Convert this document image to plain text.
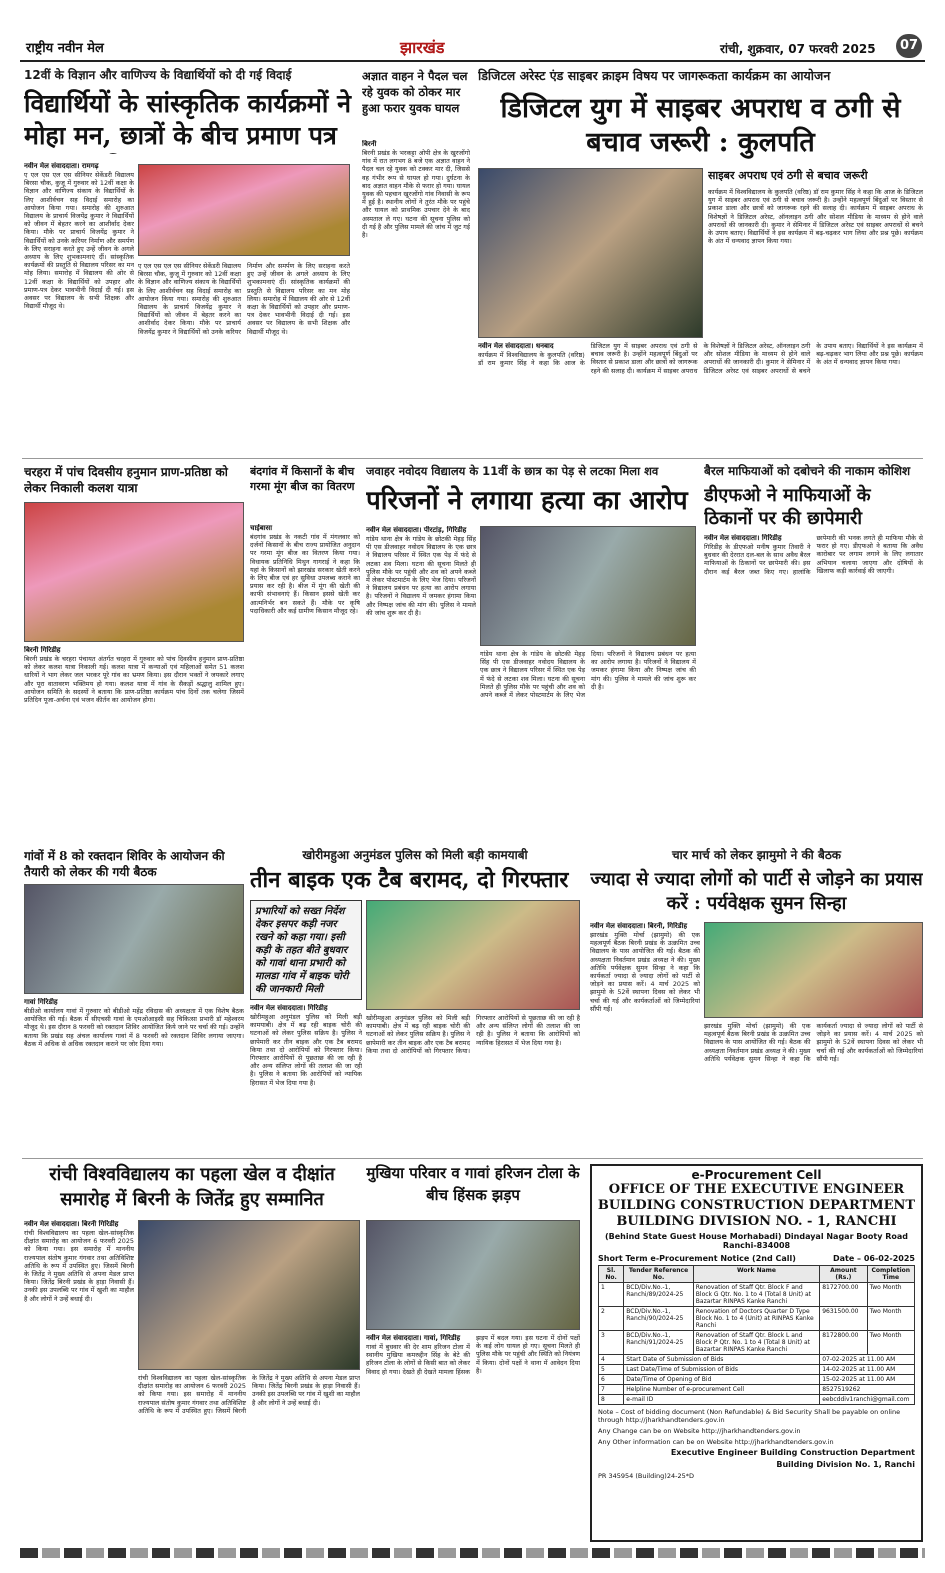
राष्ट्रीय नवीन मेल	झारखंड	रांची, शुक्रवार, 07 फरवरी 2025	07
12वीं के विज्ञान और वाणिज्य के विद्यार्थियों को दी गई विदाई
विद्यार्थियों के सांस्कृतिक कार्यक्रमों ने मोहा मन, छात्रों के बीच प्रमाण पत्र
नवीन मेल संवाददाता। रामगढ़
ए एल एस एल एस सीनियर सेकेंडरी विद्यालय बिरसा चौक, कुजू में गुरुवार को 12वीं कक्षा के विज्ञान और वाणिज्य संकाय के विद्यार्थियों के लिए आशीर्वचन सह विदाई समारोह का आयोजन किया गया। समारोह की शुरुआत विद्यालय के प्राचार्य विजयेंद्र कुमार ने विद्यार्थियों को जीवन में बेहतर करने का आशीर्वाद देकर किया। मौके पर प्राचार्य विजयेंद्र कुमार ने विद्यार्थियों को उनके करियर निर्माण और समर्पण के लिए सराहना करते हुए उन्हें जीवन के अगले अध्याय के लिए शुभकामनाएं दीं। सांस्कृतिक कार्यक्रमों की प्रस्तुति से विद्यालय परिसर का मन मोह लिया। समारोह में विद्यालय की ओर से 12वीं कक्षा के विद्यार्थियों को उपहार और प्रमाण-पत्र देकर भावभीनी विदाई दी गई। इस अवसर पर विद्यालय के सभी शिक्षक और विद्यार्थी मौजूद थे।
ए एल एस एल एस सीनियर सेकेंडरी विद्यालय बिरसा चौक, कुजू में गुरुवार को 12वीं कक्षा के विज्ञान और वाणिज्य संकाय के विद्यार्थियों के लिए आशीर्वचन सह विदाई समारोह का आयोजन किया गया। समारोह की शुरुआत विद्यालय के प्राचार्य विजयेंद्र कुमार ने विद्यार्थियों को जीवन में बेहतर करने का आशीर्वाद देकर किया। मौके पर प्राचार्य विजयेंद्र कुमार ने विद्यार्थियों को उनके करियर निर्माण और समर्पण के लिए सराहना करते हुए उन्हें जीवन के अगले अध्याय के लिए शुभकामनाएं दीं। सांस्कृतिक कार्यक्रमों की प्रस्तुति से विद्यालय परिसर का मन मोह लिया। समारोह में विद्यालय की ओर से 12वीं कक्षा के विद्यार्थियों को उपहार और प्रमाण-पत्र देकर भावभीनी विदाई दी गई। इस अवसर पर विद्यालय के सभी शिक्षक और विद्यार्थी मौजूद थे।
अज्ञात वाहन ने पैदल चल रहे युवक को ठोकर मार हुआ फरार युवक घायल
बिरनी
बिरनी प्रखंड के भरकट्टा ओपी क्षेत्र के खुरजोंगो गांव में रात लगभग 8 बजे एक अज्ञात वाहन ने पैदल चल रहे युवक को टक्कर मार दी, जिससे वह गंभीर रूप से घायल हो गया। दुर्घटना के बाद अज्ञात वाहन मौके से फरार हो गया। घायल युवक की पहचान खुरजोंगो गांव निवासी के रूप में हुई है। स्थानीय लोगों ने तुरंत मौके पर पहुंचे और घायल को प्राथमिक उपचार देने के बाद अस्पताल ले गए। घटना की सूचना पुलिस को दी गई है और पुलिस मामले की जांच में जुट गई है।
डिजिटल अरेस्ट एंड साइबर क्राइम विषय पर जागरूकता कार्यक्रम का आयोजन
डिजिटल युग में साइबर अपराध व ठगी से बचाव जरूरी : कुलपति
साइबर अपराध एवं ठगी से बचाव जरूरी
कार्यक्रम में विश्वविद्यालय के कुलपति (वरिष्ठ) डॉ राम कुमार सिंह ने कहा कि आज के डिजिटल युग में साइबर अपराध एवं ठगी से बचाव जरूरी है। उन्होंने महत्वपूर्ण बिंदुओं पर विस्तार से प्रकाश डाला और छात्रों को जागरूक रहने की सलाह दी। कार्यक्रम में साइबर अपराध के विशेषज्ञों ने डिजिटल अरेस्ट, ऑनलाइन ठगी और सोशल मीडिया के माध्यम से होने वाले अपराधों की जानकारी दी। कुमार ने सेमिनार में डिजिटल अरेस्ट एवं साइबर अपराधों से बचने के उपाय बताए। विद्यार्थियों ने इस कार्यक्रम में बढ़-चढ़कर भाग लिया और प्रश्न पूछे। कार्यक्रम के अंत में धन्यवाद ज्ञापन किया गया।
नवीन मेल संवाददाता। धनबाद
कार्यक्रम में विश्वविद्यालय के कुलपति (वरिष्ठ) डॉ राम कुमार सिंह ने कहा कि आज के डिजिटल युग में साइबर अपराध एवं ठगी से बचाव जरूरी है। उन्होंने महत्वपूर्ण बिंदुओं पर विस्तार से प्रकाश डाला और छात्रों को जागरूक रहने की सलाह दी। कार्यक्रम में साइबर अपराध के विशेषज्ञों ने डिजिटल अरेस्ट, ऑनलाइन ठगी और सोशल मीडिया के माध्यम से होने वाले अपराधों की जानकारी दी। कुमार ने सेमिनार में डिजिटल अरेस्ट एवं साइबर अपराधों से बचने के उपाय बताए। विद्यार्थियों ने इस कार्यक्रम में बढ़-चढ़कर भाग लिया और प्रश्न पूछे। कार्यक्रम के अंत में धन्यवाद ज्ञापन किया गया।
चरहरा में पांच दिवसीय हनुमान प्राण-प्रतिष्ठा को लेकर निकाली कलश यात्रा
बिरनी गिरिडीह
बिरनी प्रखंड के चरहरा पंचायत अंतर्गत चरहरा में गुरुवार को पांच दिवसीय हनुमान प्राण-प्रतिष्ठा को लेकर कलश यात्रा निकाली गई। कलश यात्रा में कन्याओं एवं महिलाओं समेत 51 कलश धारियों ने भाग लेकर जल भरकर पूरे गांव का भ्रमण किया। इस दौरान भक्तों ने जयकारे लगाए और पूरा वातावरण भक्तिमय हो गया। कलश यात्रा में गांव के सैकड़ों श्रद्धालु शामिल हुए। आयोजन समिति के सदस्यों ने बताया कि प्राण-प्रतिष्ठा कार्यक्रम पांच दिनों तक चलेगा जिसमें प्रतिदिन पूजा-अर्चना एवं भजन कीर्तन का आयोजन होगा।
बंदगांव में किसानों के बीच गरमा मूंग बीज का वितरण
चाईबासा
बंदगांव प्रखंड के नकटी गांव में मंगलवार को दर्जनों किसानों के बीच राज्य प्रायोजित अनुदान पर गरमा मूंग बीज का वितरण किया गया। विधायक प्रतिनिधि मिथुन गागराई ने कहा कि यहां के किसानों को झारखंड सरकार खेती करने के लिए बीज एवं हर सुविधा उपलब्ध कराने का प्रयास कर रही है। बीज में मूंग की खेती की काफी संभावनाएं हैं। किसान इससे खेती कर आत्मनिर्भर बन सकते हैं। मौके पर कृषि पदाधिकारी और कई ग्रामीण किसान मौजूद रहे।
जवाहर नवोदय विद्यालय के 11वीं के छात्र का पेड़ से लटका मिला शव
परिजनों ने लगाया हत्या का आरोप
नवीन मेल संवाददाता। पीरटांड़, गिरिडीह
गांडेय थाना क्षेत्र के गांडेय के छोटकी मेहड़ सिंह पी एस डीजवाहर नवोदय विद्यालय के एक छात्र ने विद्यालय परिसर में स्थित एक पेड़ में फंदे से लटका शव मिला। घटना की सूचना मिलते ही पुलिस मौके पर पहुंची और शव को अपने कब्जे में लेकर पोस्टमार्टम के लिए भेज दिया। परिजनों ने विद्यालय प्रबंधन पर हत्या का आरोप लगाया है। परिजनों ने विद्यालय में जमकर हंगामा किया और निष्पक्ष जांच की मांग की। पुलिस ने मामले की जांच शुरू कर दी है।
गांडेय थाना क्षेत्र के गांडेय के छोटकी मेहड़ सिंह पी एस डीजवाहर नवोदय विद्यालय के एक छात्र ने विद्यालय परिसर में स्थित एक पेड़ में फंदे से लटका शव मिला। घटना की सूचना मिलते ही पुलिस मौके पर पहुंची और शव को अपने कब्जे में लेकर पोस्टमार्टम के लिए भेज दिया। परिजनों ने विद्यालय प्रबंधन पर हत्या का आरोप लगाया है। परिजनों ने विद्यालय में जमकर हंगामा किया और निष्पक्ष जांच की मांग की। पुलिस ने मामले की जांच शुरू कर दी है।
बैरल माफियाओं को दबोचने की नाकाम कोशिश
डीएफओ ने माफियाओं के ठिकानों पर की छापेमारी
नवीन मेल संवाददाता। गिरिडीह
गिरिडीह के डीएफओ मनीष कुमार तिवारी ने बुधवार की देररात दल-बल के साथ अवैध बैरल माफियाओं के ठिकानों पर छापेमारी की। इस दौरान कई बैरल जब्त किए गए। हालांकि छापेमारी की भनक लगते ही माफिया मौके से फरार हो गए। डीएफओ ने बताया कि अवैध कारोबार पर लगाम लगाने के लिए लगातार अभियान चलाया जाएगा और दोषियों के खिलाफ कड़ी कार्रवाई की जाएगी।
गांवों में 8 को रक्तदान शिविर के आयोजन की तैयारी को लेकर की गयी बैठक
गावां गिरिडीह
बीडीओ कार्यालय गावां में गुरुवार को बीडीओ महेंद्र रविदास की अध्यक्षता में एक विशेष बैठक आयोजित की गई। बैठक में सीएचसी गावां के एमओआइसी सह चिकित्सा प्रभारी डॉ महेश्वरम मौजूद थे। इस दौरान 8 फरवरी को रक्तदान शिविर आयोजित किये जाने पर चर्चा की गई। उन्होंने बताया कि प्रखंड सह अंचल कार्यालय गावां में 8 फरवरी को रक्तदान शिविर लगाया जाएगा। बैठक में अधिक से अधिक रक्तदान कराने पर जोर दिया गया।
खोरीमहुआ अनुमंडल पुलिस को मिली बड़ी कामयाबी
तीन बाइक एक टैब बरामद, दो गिरफ्तार
प्रभारियों को सख्त निर्देश देकर इसपर कड़ी नजर रखने को कहा गया। इसी कड़ी के तहत बीते बुधवार को गावां थाना प्रभारी को मालडा गांव में बाइक चोरी की जानकारी मिली
नवीन मेल संवाददाता। गिरिडीह
खोरीमहुआ अनुमंडल पुलिस को मिली बड़ी कामयाबी। क्षेत्र में बढ़ रही बाइक चोरी की घटनाओं को लेकर पुलिस सक्रिय है। पुलिस ने छापेमारी कर तीन बाइक और एक टैब बरामद किया तथा दो आरोपियों को गिरफ्तार किया। गिरफ्तार आरोपियों से पूछताछ की जा रही है और अन्य संलिप्त लोगों की तलाश की जा रही है। पुलिस ने बताया कि आरोपियों को न्यायिक हिरासत में भेज दिया गया है।
खोरीमहुआ अनुमंडल पुलिस को मिली बड़ी कामयाबी। क्षेत्र में बढ़ रही बाइक चोरी की घटनाओं को लेकर पुलिस सक्रिय है। पुलिस ने छापेमारी कर तीन बाइक और एक टैब बरामद किया तथा दो आरोपियों को गिरफ्तार किया। गिरफ्तार आरोपियों से पूछताछ की जा रही है और अन्य संलिप्त लोगों की तलाश की जा रही है। पुलिस ने बताया कि आरोपियों को न्यायिक हिरासत में भेज दिया गया है।
चार मार्च को लेकर झामुमो ने की बैठक
ज्यादा से ज्यादा लोगों को पार्टी से जोड़ने का प्रयास करें : पर्यवेक्षक सुमन सिन्हा
नवीन मेल संवाददाता। बिरनी, गिरिडीह
झारखंड मुक्ति मोर्चा (झामुमो) की एक महत्वपूर्ण बैठक बिरनी प्रखंड के उत्क्रमित उच्च विद्यालय के पास आयोजित की गई। बैठक की अध्यक्षता निवर्तमान प्रखंड अध्यक्ष ने की। मुख्य अतिथि पर्यवेक्षक सुमन सिन्हा ने कहा कि कार्यकर्ता ज्यादा से ज्यादा लोगों को पार्टी से जोड़ने का प्रयास करें। 4 मार्च 2025 को झामुमो के 52वें स्थापना दिवस को लेकर भी चर्चा की गई और कार्यकर्ताओं को जिम्मेदारियां सौंपी गईं।
झारखंड मुक्ति मोर्चा (झामुमो) की एक महत्वपूर्ण बैठक बिरनी प्रखंड के उत्क्रमित उच्च विद्यालय के पास आयोजित की गई। बैठक की अध्यक्षता निवर्तमान प्रखंड अध्यक्ष ने की। मुख्य अतिथि पर्यवेक्षक सुमन सिन्हा ने कहा कि कार्यकर्ता ज्यादा से ज्यादा लोगों को पार्टी से जोड़ने का प्रयास करें। 4 मार्च 2025 को झामुमो के 52वें स्थापना दिवस को लेकर भी चर्चा की गई और कार्यकर्ताओं को जिम्मेदारियां सौंपी गईं।
रांची विश्वविद्यालय का पहला खेल व दीक्षांत समारोह में बिरनी के जितेंद्र हुए सम्मानित
नवीन मेल संवाददाता। बिरनी गिरिडीह
रांची विश्वविद्यालय का पहला खेल-सांस्कृतिक दीक्षांत समारोह का आयोजन 6 फरवरी 2025 को किया गया। इस समारोह में माननीय राज्यपाल संतोष कुमार गंगवार तथा अतिविशिष्ट अतिथि के रूप में उपस्थित हुए। जिसमें बिरनी के जितेंद्र ने मुख्य अतिथि से अपना मेडल प्राप्त किया। जितेंद्र बिरनी प्रखंड के हाड़ा निवासी हैं। उनकी इस उपलब्धि पर गांव में खुशी का माहौल है और लोगों ने उन्हें बधाई दी।
रांची विश्वविद्यालय का पहला खेल-सांस्कृतिक दीक्षांत समारोह का आयोजन 6 फरवरी 2025 को किया गया। इस समारोह में माननीय राज्यपाल संतोष कुमार गंगवार तथा अतिविशिष्ट अतिथि के रूप में उपस्थित हुए। जिसमें बिरनी के जितेंद्र ने मुख्य अतिथि से अपना मेडल प्राप्त किया। जितेंद्र बिरनी प्रखंड के हाड़ा निवासी हैं। उनकी इस उपलब्धि पर गांव में खुशी का माहौल है और लोगों ने उन्हें बधाई दी।
मुखिया परिवार व गावां हरिजन टोला के बीच हिंसक झड़प
नवीन मेल संवाददाता। गावां, गिरिडीह
गावां में बुधवार की देर शाम हरिजन टोला में स्थानीय मुखिया कमरुद्दीन सिंह के बेटे की हरिजन टोला के लोगों से किसी बात को लेकर विवाद हो गया। देखते ही देखते मामला हिंसक झड़प में बदल गया। इस घटना में दोनों पक्षों के कई लोग घायल हो गए। सूचना मिलते ही पुलिस मौके पर पहुंची और स्थिति को नियंत्रण में किया। दोनों पक्षों ने थाना में आवेदन दिया है।
e-Procurement Cell
OFFICE OF THE EXECUTIVE ENGINEER
BUILDING CONSTRUCTION DEPARTMENT
BUILDING DIVISION NO. - 1, RANCHI
(Behind State Guest House Morhabadi) Dindayal Nagar Booty Road Ranchi-834008
Short Term e-Procurement Notice (2nd Call)	Date – 06-02-2025
Sl. No.	Tender Reference No.	Work Name	Amount (Rs.)	Completion Time
1	BCD/Div.No.-1, Ranchi/89/2024-25	Renovation of Staff Qtr. Block F and Block G Qtr. No. 1 to 4 (Total 8 Unit) at Bazartar RINPAS Kanke Ranchi	8172700.00	Two Month
2	BCD/Div.No.-1, Ranchi/90/2024-25	Renovation of Doctors Quarter D Type Block No. 1 to 4 (Unit) at RINPAS Kanke Ranchi	9631500.00	Two Month
3	BCD/Div.No.-1, Ranchi/91/2024-25	Renovation of Staff Qtr. Block L and Block P Qtr. No. 1 to 4 (Total 8 Unit) at Bazartar RINPAS Kanke Ranchi	8172800.00	Two Month
4	Start Date of Submission of Bids		07-02-2025 at 11.00 AM	
5	Last Date/Time of Submission of Bids		14-02-2025 at 11.00 AM	
6	Date/Time of Opening of Bid		15-02-2025 at 11.00 AM	
7	Helpline Number of e-procurement Cell		8527519262	
8	e-mail ID		eebcddiv1ranchi@gmail.com	
Note – Cost of bidding document (Non Refundable) & Bid Security Shall be payable on online through http://jharkhandtenders.gov.in
Any Change can be on Website http://jharkhandtenders.gov.in
Any Other information can be on Website http://jharkhandtenders.gov.in
Executive Engineer Building Construction Department
Building Division No. 1, Ranchi
PR 345954 (Building)24-25*D
